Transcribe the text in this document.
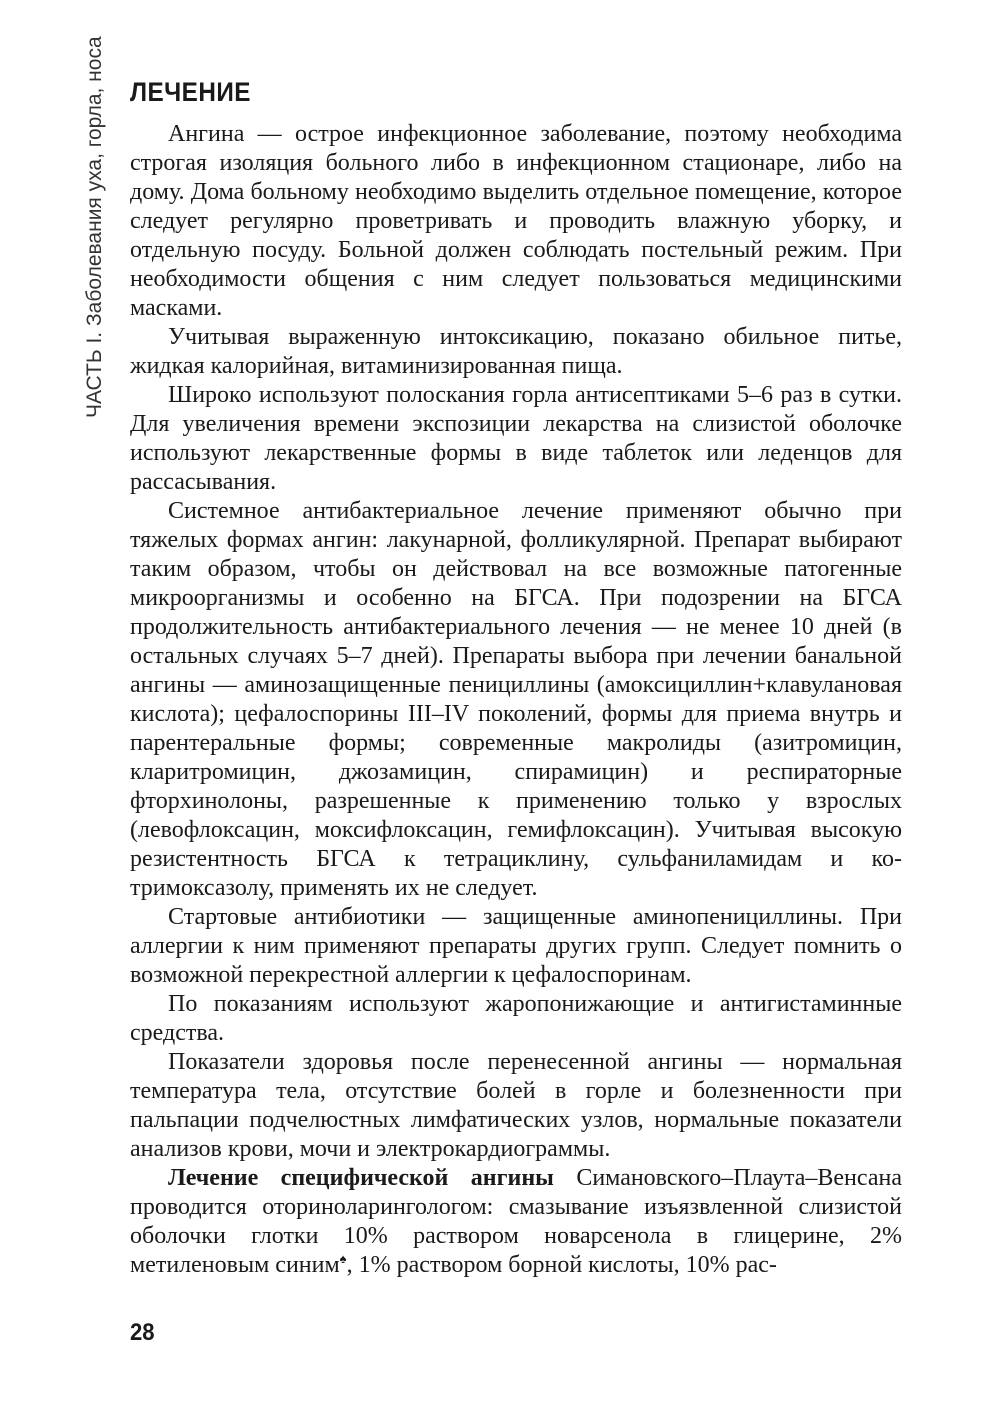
ЧАСТЬ I. Заболевания уха, горла, носа ЛЕЧЕНИЕ

Ангина — острое инфекционное заболевание, поэтому необходима строгая изоляция больного либо в инфекционном стационаре, либо на дому. Дома больному необходимо выделить отдельное помещение, которое следует регулярно проветривать и проводить влажную уборку, и отдельную посуду. Больной должен соблюдать постельный режим. При необходимости общения с ним следует пользоваться медицинскими масками.

Учитывая выраженную интоксикацию, показано обильное питье, жидкая калорийная, витаминизированная пища.

Широко используют полоскания горла антисептиками 5–6 раз в сутки. Для увеличения времени экспозиции лекарства на слизистой оболочке используют лекарственные формы в виде таблеток или леденцов для рассасывания.

Системное антибактериальное лечение применяют обычно при тяжелых формах ангин: лакунарной, фолликулярной. Препарат выбирают таким образом, чтобы он действовал на все возможные патогенные микроорганизмы и особенно на БГСА. При подозрении на БГСА продолжительность антибактериального лечения — не менее 10 дней (в остальных случаях 5–7 дней). Препараты выбора при лечении банальной ангины — аминозащищенные пенициллины (амоксициллин+клавулановая кислота); цефалоспорины III–IV поколений, формы для приема внутрь и парентеральные формы; современные макролиды (азитромицин, кларитромицин, джозамицин, спирамицин) и респираторные фторхинолоны, разрешенные к применению только у взрослых (левофлоксацин, моксифлоксацин, гемифлоксацин). Учитывая высокую резистентность БГСА к тетрациклину, сульфаниламидам и ко-тримоксазолу, применять их не следует.

Стартовые антибиотики — защищенные аминопенициллины. При аллергии к ним применяют препараты других групп. Следует помнить о возможной перекрестной аллергии к цефалоспоринам.

По показаниям используют жаропонижающие и антигистаминные средства.

Показатели здоровья после перенесенной ангины — нормальная температура тела, отсутствие болей в горле и болезненности при пальпации подчелюстных лимфатических узлов, нормальные показатели анализов крови, мочи и электрокардиограммы.

Лечение специфической ангины Симановского–Плаута–Венсана проводится оториноларингологом: смазывание изъязвленной слизистой оболочки глотки 10% раствором новарсенола в глицерине, 2% метиленовым синим♠, 1% раствором борной кислоты, 10% рас-

28
